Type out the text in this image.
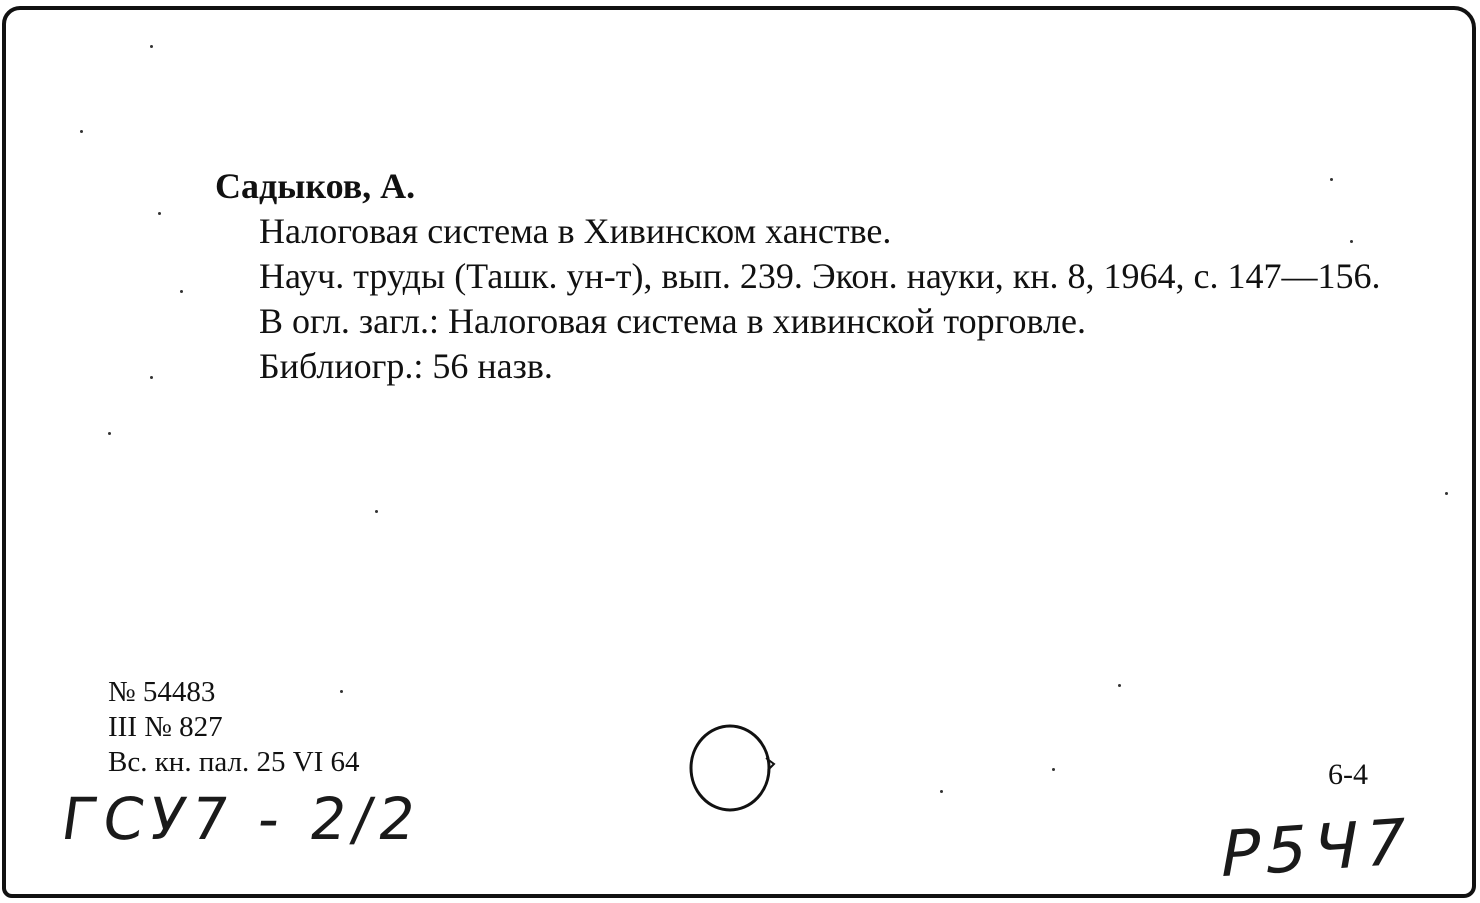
Садыков, А.

Налоговая система в Хивинском ханстве.

Науч. труды (Ташк. ун-т), вып. 239. Экон. науки, кн. 8, 1964, с. 147—156.

В огл. загл.: Налоговая система в хивинской торговле.

Библиогр.: 56 назв.

№ 54483
III № 827
Вс. кн. пал. 25 VI 64	6-4
ГСУ7 - 2/2	Р5Ч7
